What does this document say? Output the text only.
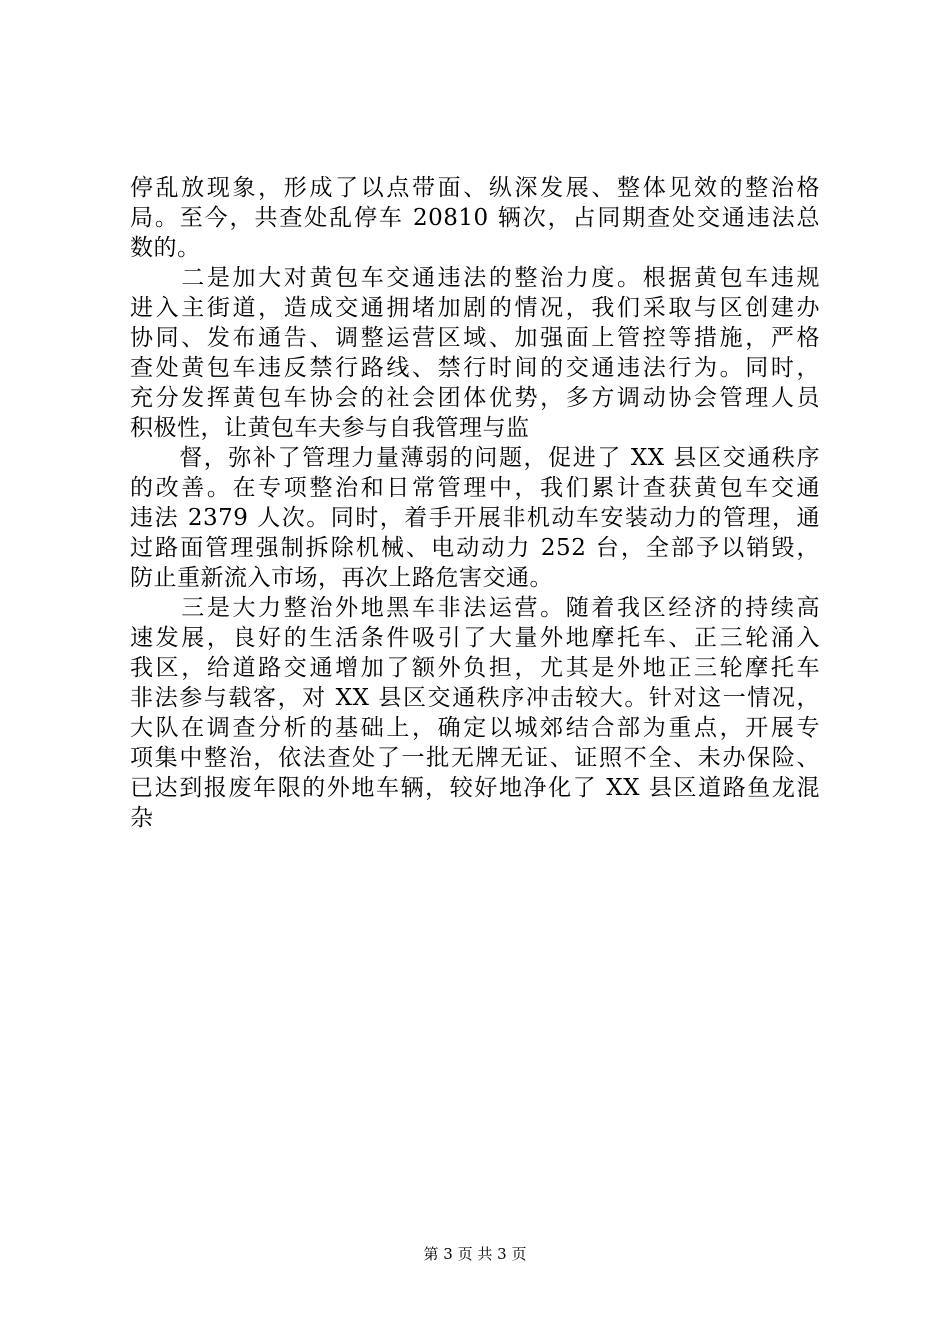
停乱放现象，形成了以点带面、纵深发展、整体见效的整治格
局。至今，共查处乱停车 20810 辆次，占同期查处交通违法总
数的。
　　二是加大对黄包车交通违法的整治力度。根据黄包车违规
进入主街道，造成交通拥堵加剧的情况，我们采取与区创建办
协同、发布通告、调整运营区域、加强面上管控等措施，严格
查处黄包车违反禁行路线、禁行时间的交通违法行为。同时，
充分发挥黄包车协会的社会团体优势，多方调动协会管理人员
积极性，让黄包车夫参与自我管理与监
　　督，弥补了管理力量薄弱的问题，促进了 XX 县区交通秩序
的改善。在专项整治和日常管理中，我们累计查获黄包车交通
违法 2379 人次。同时，着手开展非机动车安装动力的管理，通
过路面管理强制拆除机械、电动动力 252 台，全部予以销毁，
防止重新流入市场，再次上路危害交通。
　　三是大力整治外地黑车非法运营。随着我区经济的持续高
速发展，良好的生活条件吸引了大量外地摩托车、正三轮涌入
我区，给道路交通增加了额外负担，尤其是外地正三轮摩托车
非法参与载客，对 XX 县区交通秩序冲击较大。针对这一情况，
大队在调查分析的基础上，确定以城郊结合部为重点，开展专
项集中整治，依法查处了一批无牌无证、证照不全、未办保险、
已达到报废年限的外地车辆，较好地净化了 XX 县区道路鱼龙混
杂
第 3 页 共 3 页
